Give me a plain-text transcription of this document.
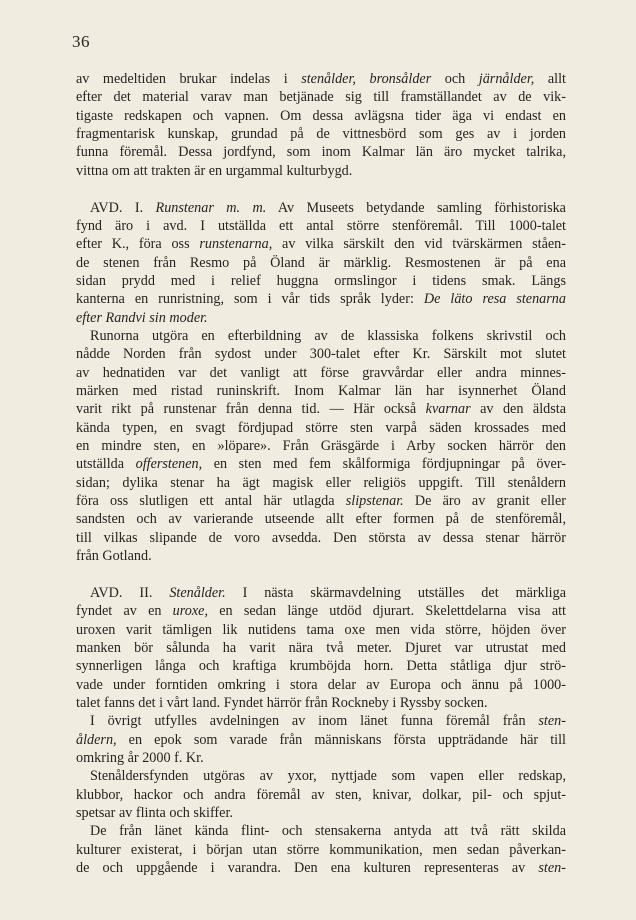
36
av medeltiden brukar indelas i stenålder, bronsålder och järnålder, allt
efter det material varav man betjänade sig till framställandet av de vik-
tigaste redskapen och vapnen. Om dessa avlägsna tider äga vi endast en
fragmentarisk kunskap, grundad på de vittnesbörd som ges av i jorden
funna föremål. Dessa jordfynd, som inom Kalmar län äro mycket talrika,
vittna om att trakten är en urgammal kulturbygd.
AVD. I. Runstenar m. m. Av Museets betydande samling förhistoriska
fynd äro i avd. I utställda ett antal större stenföremål. Till 1000-talet
efter K., föra oss runstenarna, av vilka särskilt den vid tvärskärmen ståen-
de stenen från Resmo på Öland är märklig. Resmostenen är på ena
sidan prydd med i relief huggna ormslingor i tidens smak. Längs
kanterna en runristning, som i vår tids språk lyder: De läto resa stenarna
efter Randvi sin moder.
Runorna utgöra en efterbildning av de klassiska folkens skrivstil och
nådde Norden från sydost under 300-talet efter Kr. Särskilt mot slutet
av hednatiden var det vanligt att förse gravvårdar eller andra minnes-
märken med ristad runinskrift. Inom Kalmar län har isynnerhet Öland
varit rikt på runstenar från denna tid. — Här också kvarnar av den äldsta
kända typen, en svagt fördjupad större sten varpå säden krossades med
en mindre sten, en »löpare». Från Gräsgärde i Arby socken härrör den
utställda offerstenen, en sten med fem skålformiga fördjupningar på över-
sidan; dylika stenar ha ägt magisk eller religiös uppgift. Till stenåldern
föra oss slutligen ett antal här utlagda slipstenar. De äro av granit eller
sandsten och av varierande utseende allt efter formen på de stenföremål,
till vilkas slipande de voro avsedda. Den största av dessa stenar härrör
från Gotland.
AVD. II. Stenålder. I nästa skärmavdelning utställes det märkliga
fyndet av en uroxe, en sedan länge utdöd djurart. Skelettdelarna visa att
uroxen varit tämligen lik nutidens tama oxe men vida större, höjden över
manken bör sålunda ha varit nära två meter. Djuret var utrustat med
synnerligen långa och kraftiga krumböjda horn. Detta ståtliga djur strö-
vade under forntiden omkring i stora delar av Europa och ännu på 1000-
talet fanns det i vårt land. Fyndet härrör från Rockneby i Ryssby socken.
I övrigt utfylles avdelningen av inom länet funna föremål från sten-
åldern, en epok som varade från människans första uppträdande här till
omkring år 2000 f. Kr.
Stenåldersfynden utgöras av yxor, nyttjade som vapen eller redskap,
klubbor, hackor och andra föremål av sten, knivar, dolkar, pil- och spjut-
spetsar av flinta och skiffer.
De från länet kända flint- och stensakerna antyda att två rätt skilda
kulturer existerat, i början utan större kommunikation, men sedan påverkan-
de och uppgående i varandra. Den ena kulturen representeras av sten-
